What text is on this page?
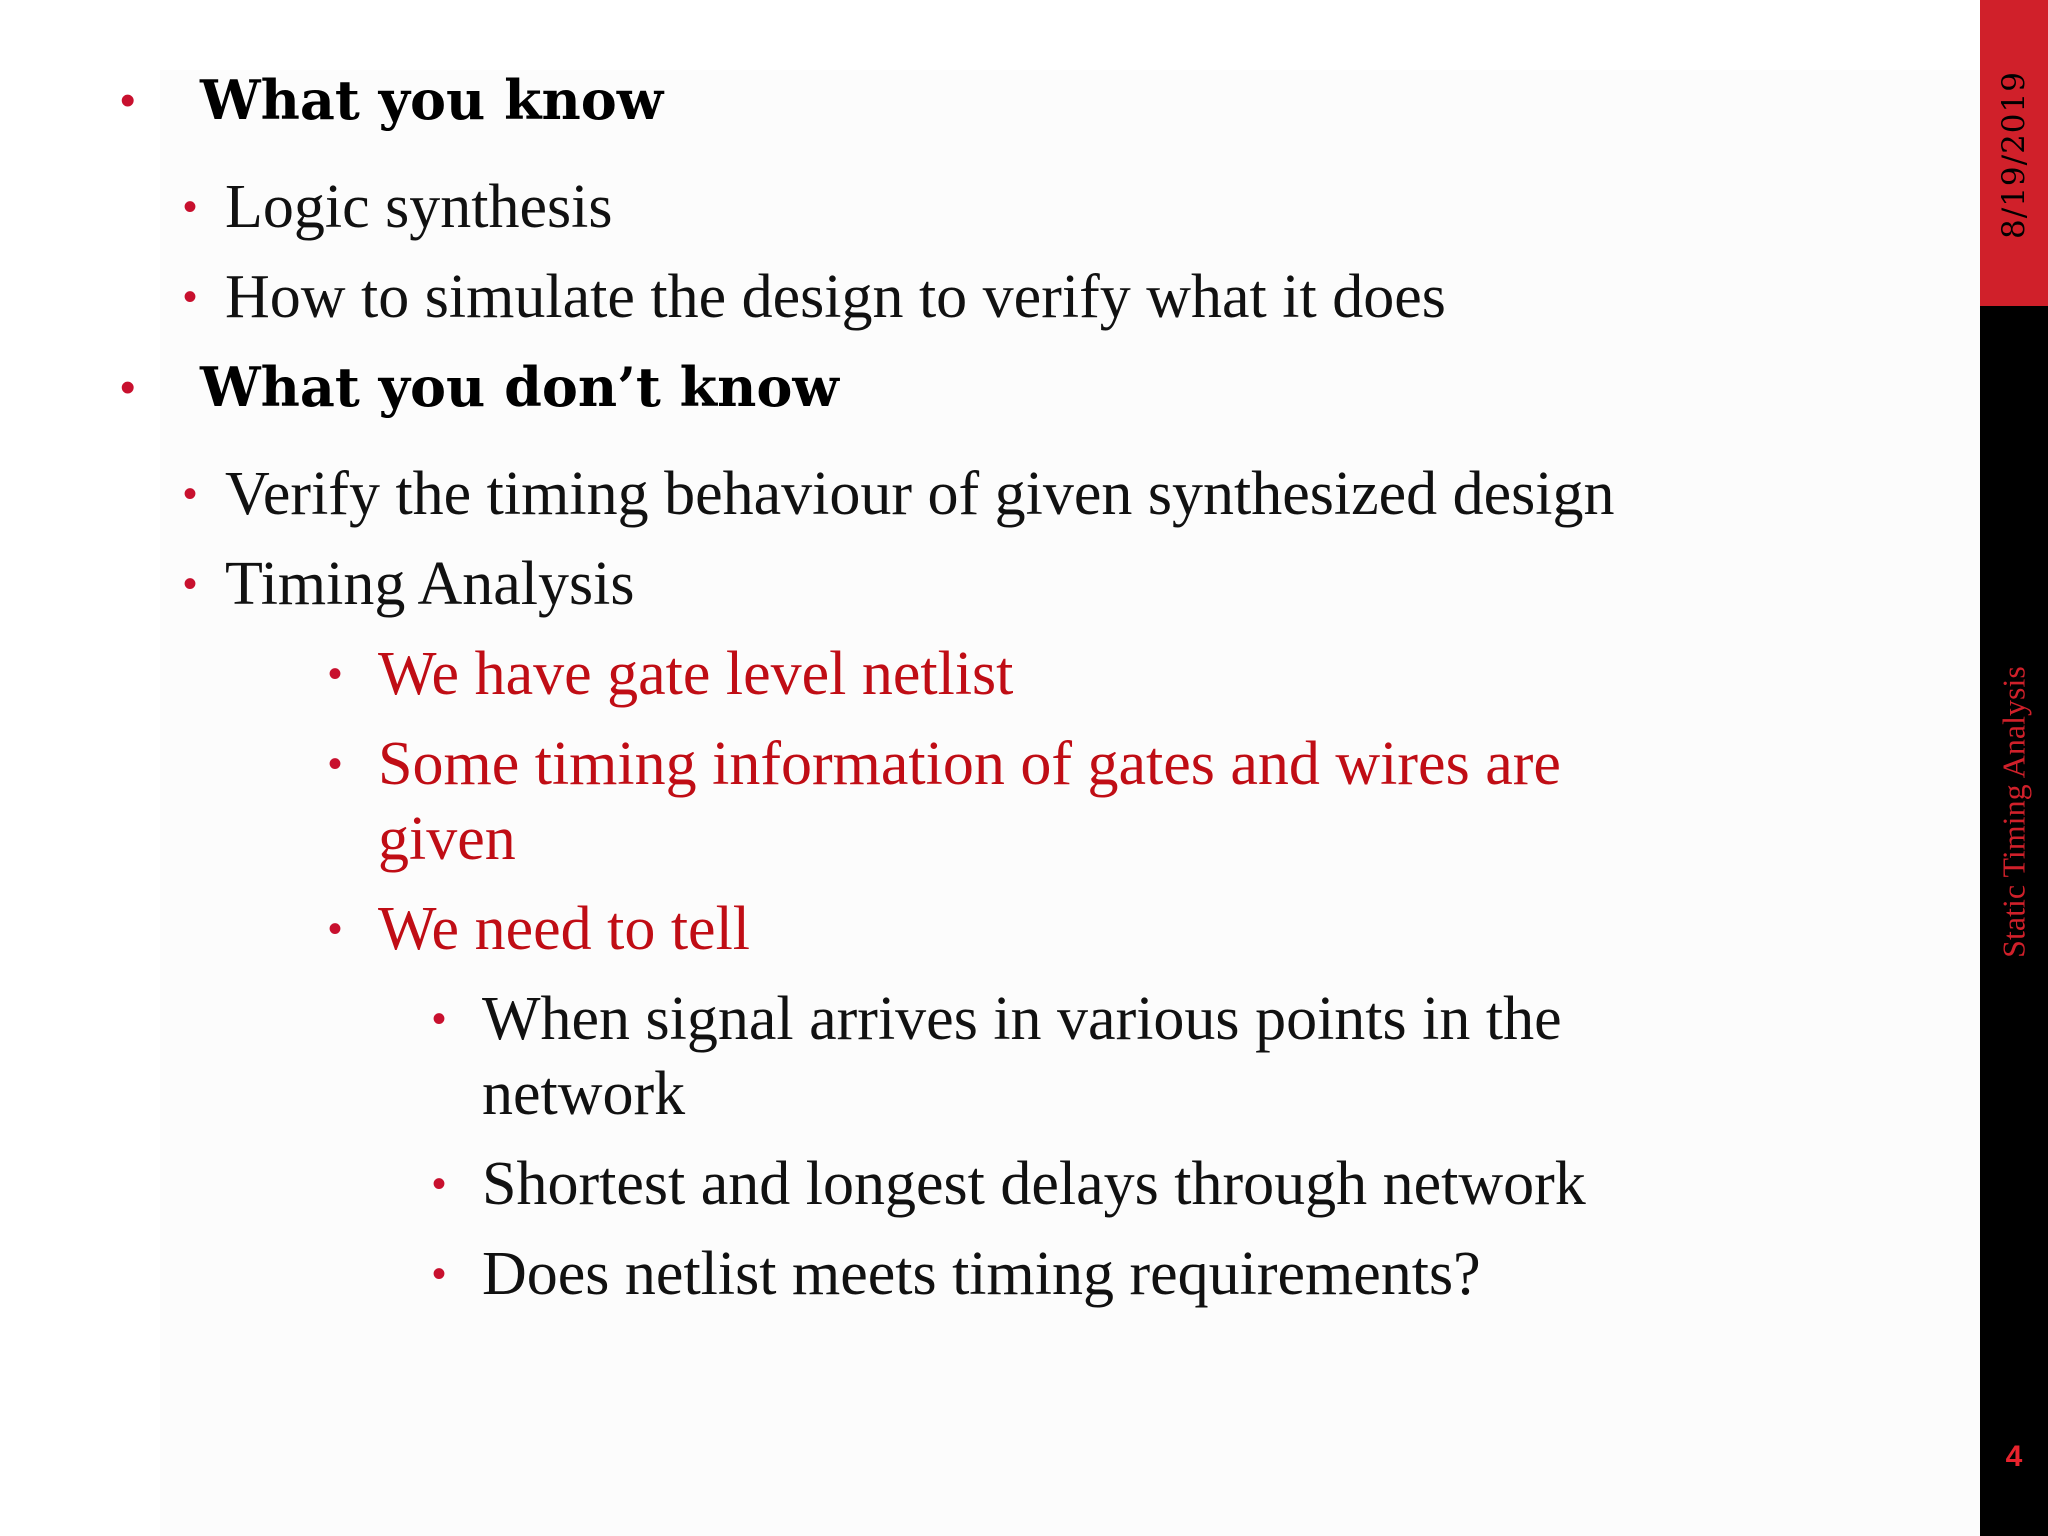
• What you know
• Logic synthesis
• How to simulate the design to verify what it does
• What you don’t know
• Verify the timing behaviour of given synthesized design
• Timing Analysis
• We have gate level netlist
• Some timing information of gates and wires are
given
• We need to tell
• When signal arrives in various points in the
network
• Shortest and longest delays through network
• Does netlist meets timing requirements?
8/19/2019
Static Timing Analysis
4
